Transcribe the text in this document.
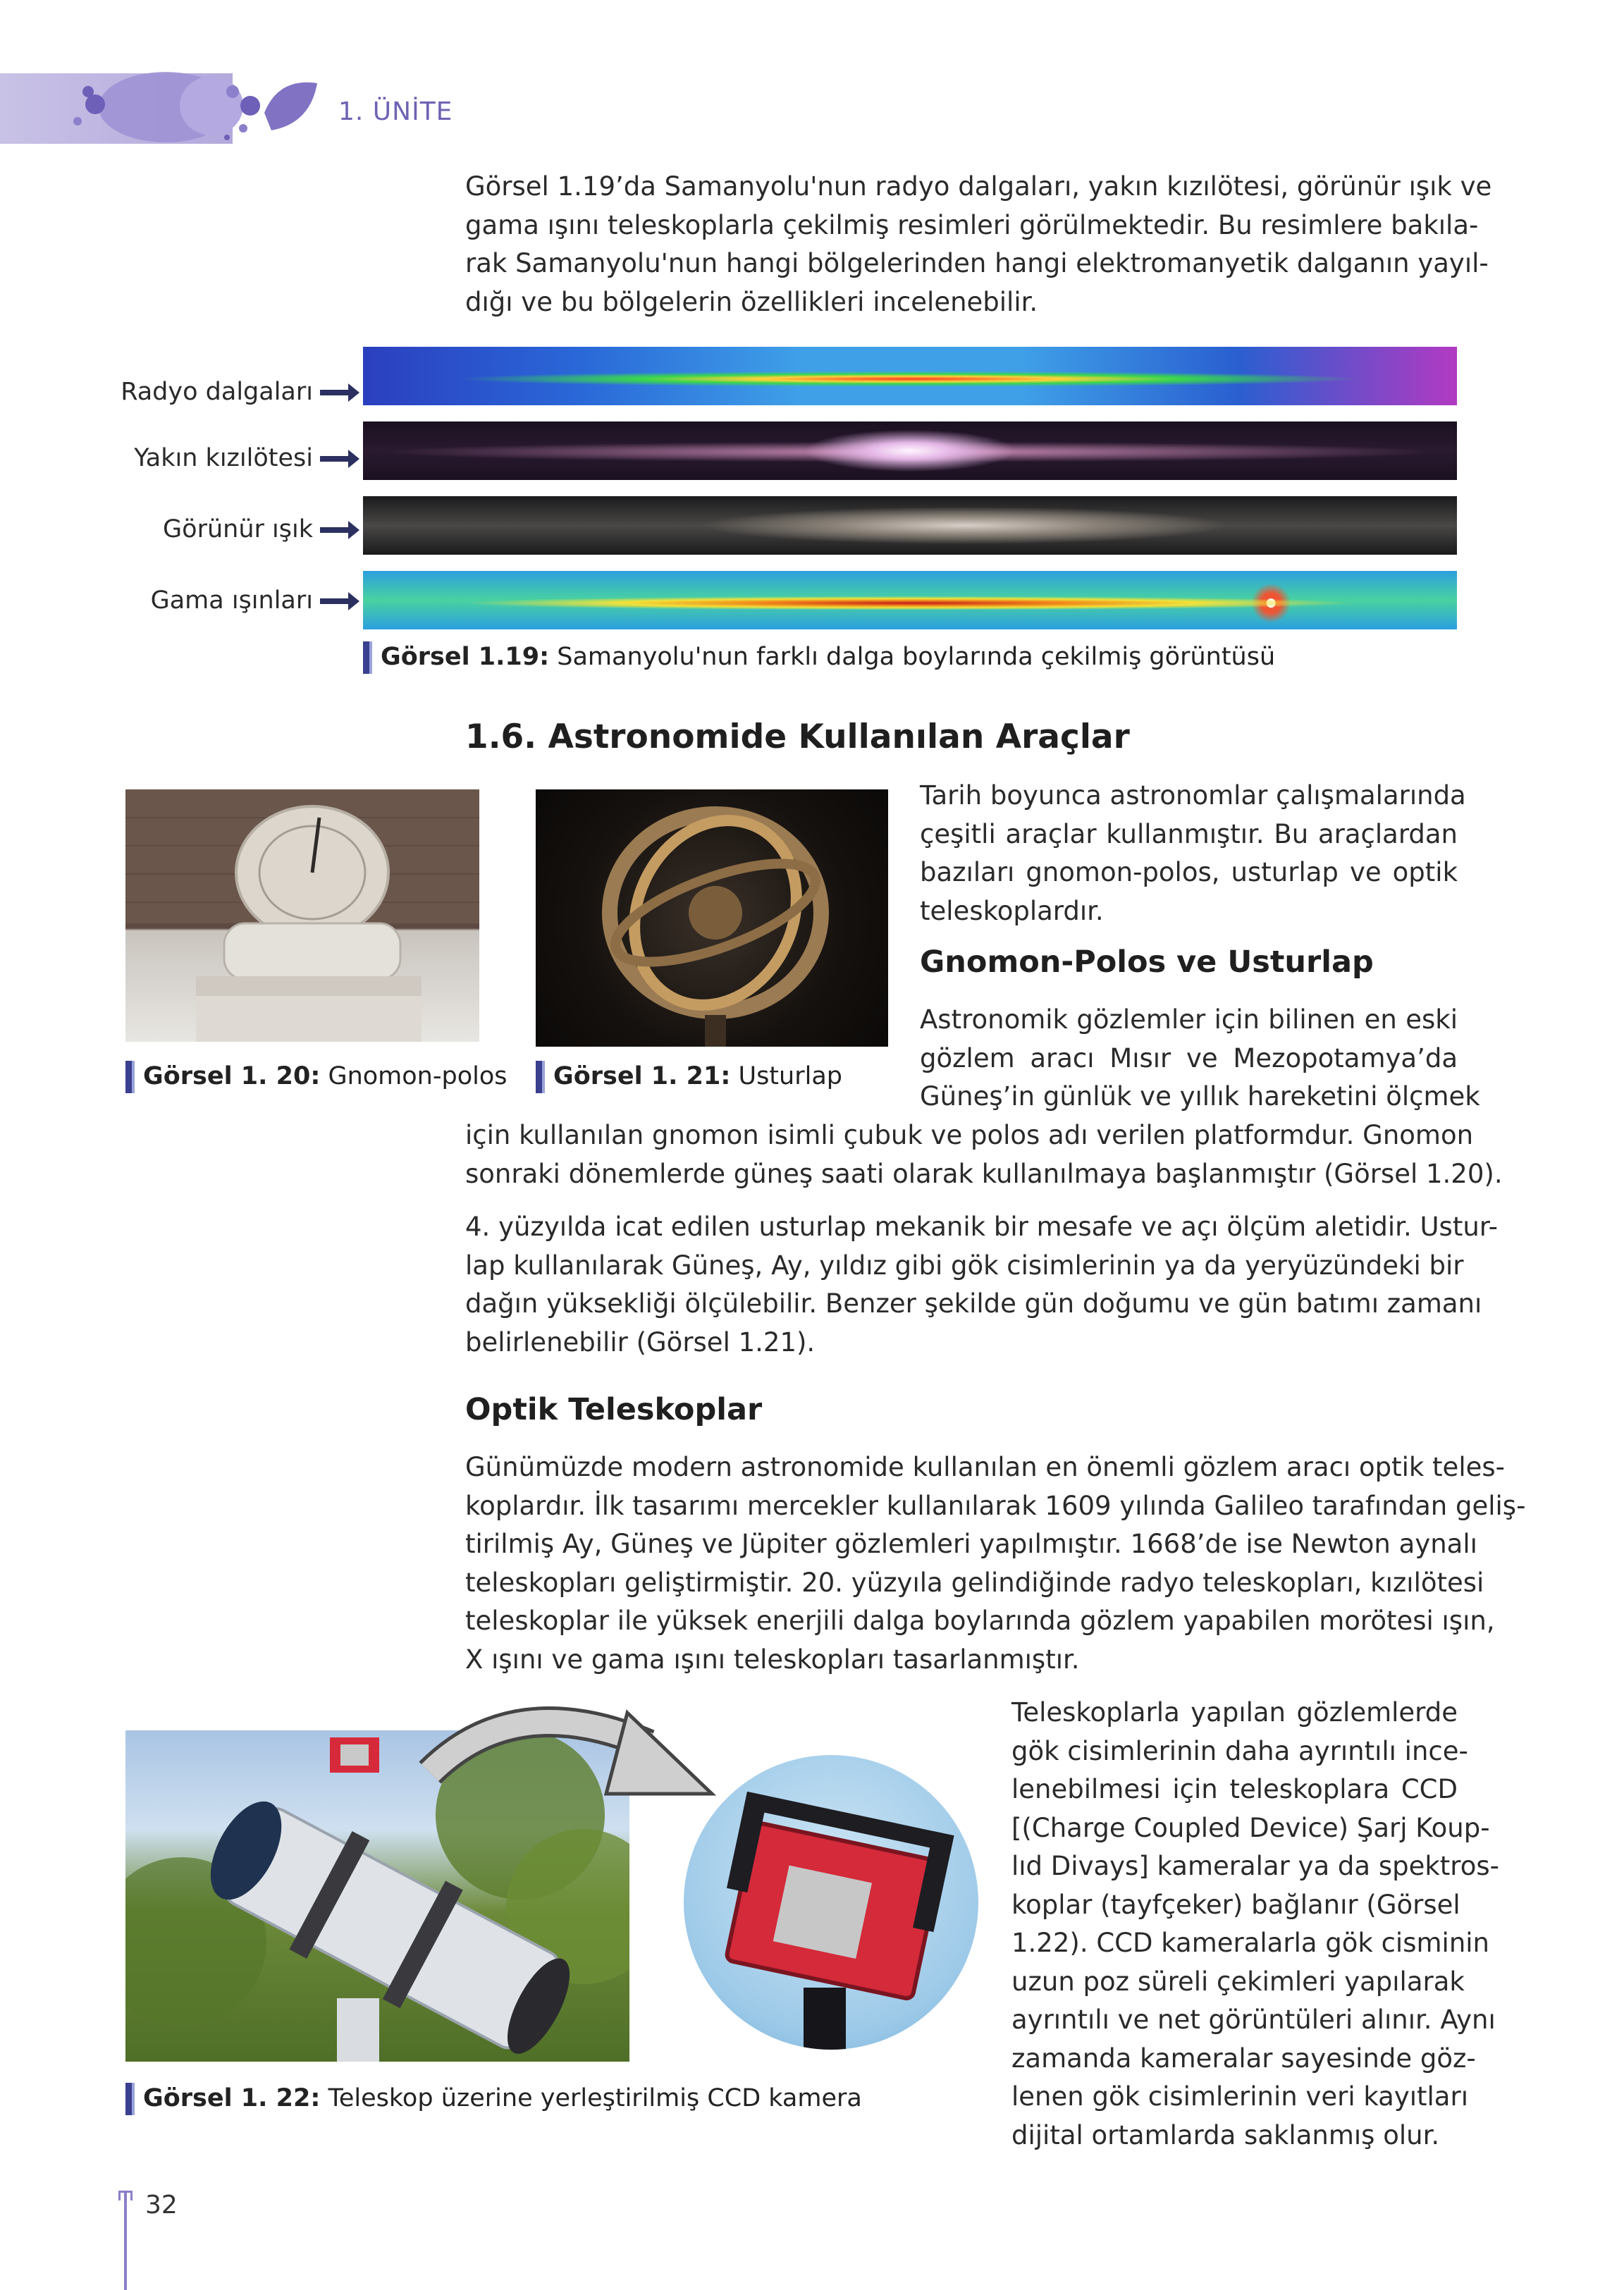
1. ÜNİTE
Görsel 1.19’da Samanyolu'nun radyo dalgaları, yakın kızılötesi, görünür ışık ve
gama ışını teleskoplarla çekilmiş resimleri görülmektedir. Bu resimlere bakıla-
rak Samanyolu'nun hangi bölgelerinden hangi elektromanyetik dalganın yayıl-
dığı ve bu bölgelerin özellikleri incelenebilir.
Radyo dalgaları
Yakın kızılötesi
Görünür ışık
Gama ışınları
Görsel 1.19: Samanyolu'nun farklı dalga boylarında çekilmiş görüntüsü
1.6. Astronomide Kullanılan Araçlar
Görsel 1. 20: Gnomon-polos	Görsel 1. 21: Usturlap
Tarih boyunca astronomlar çalışmalarında
çeşitli araçlar kullanmıştır. Bu araçlardan
bazıları gnomon-polos, usturlap ve optik
teleskoplardır.
Gnomon-Polos ve Usturlap
Astronomik gözlemler için bilinen en eski
gözlem aracı Mısır ve Mezopotamya’da
Güneş’in günlük ve yıllık hareketini ölçmek
için kullanılan gnomon isimli çubuk ve polos adı verilen platformdur. Gnomon
sonraki dönemlerde güneş saati olarak kullanılmaya başlanmıştır (Görsel 1.20).
4. yüzyılda icat edilen usturlap mekanik bir mesafe ve açı ölçüm aletidir. Ustur-
lap kullanılarak Güneş, Ay, yıldız gibi gök cisimlerinin ya da yeryüzündeki bir
dağın yüksekliği ölçülebilir. Benzer şekilde gün doğumu ve gün batımı zamanı
belirlenebilir (Görsel 1.21).
Optik Teleskoplar
Günümüzde modern astronomide kullanılan en önemli gözlem aracı optik teles-
koplardır. İlk tasarımı mercekler kullanılarak 1609 yılında Galileo tarafından geliş-
tirilmiş Ay, Güneş ve Jüpiter gözlemleri yapılmıştır. 1668’de ise Newton aynalı
teleskopları geliştirmiştir. 20. yüzyıla gelindiğinde radyo teleskopları, kızılötesi
teleskoplar ile yüksek enerjili dalga boylarında gözlem yapabilen morötesi ışın,
X ışını ve gama ışını teleskopları tasarlanmıştır.
Görsel 1. 22: Teleskop üzerine yerleştirilmiş CCD kamera
Teleskoplarla yapılan gözlemlerde
gök cisimlerinin daha ayrıntılı ince-
lenebilmesi için teleskoplara CCD
[(Charge Coupled Device) Şarj Koup-
lıd Divays] kameralar ya da spektros-
koplar (tayfçeker) bağlanır (Görsel
1.22). CCD kameralarla gök cisminin
uzun poz süreli çekimleri yapılarak
ayrıntılı ve net görüntüleri alınır. Aynı
zamanda kameralar sayesinde göz-
lenen gök cisimlerinin veri kayıtları
dijital ortamlarda saklanmış olur.
32
